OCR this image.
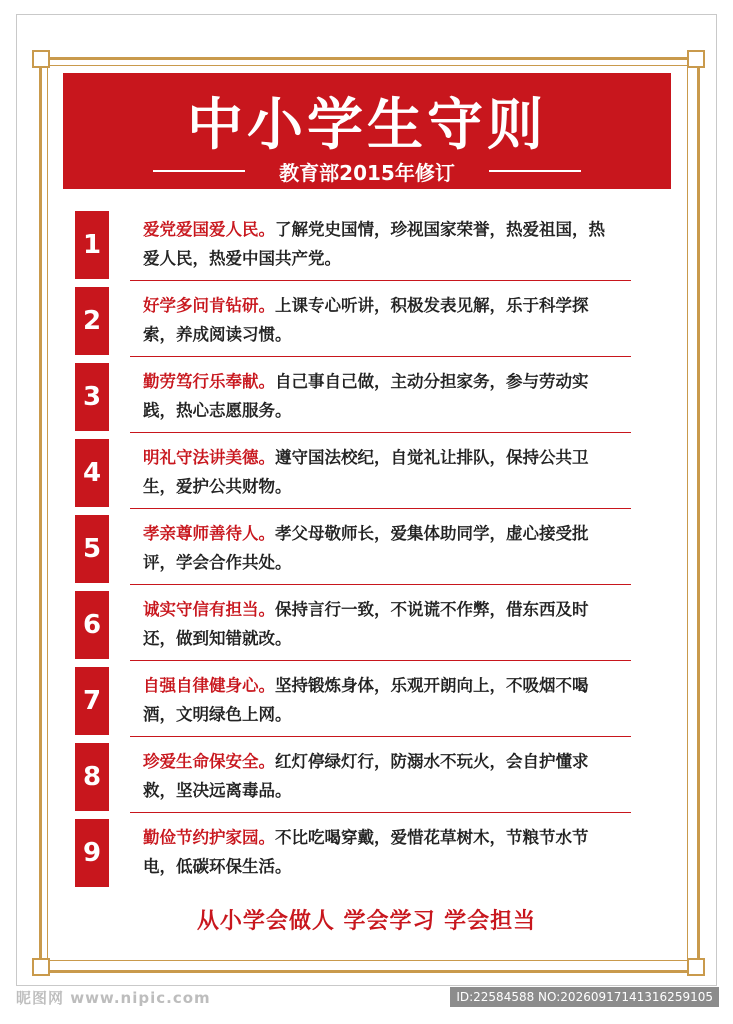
中小学生守则
教育部2015年修订
1
爱党爱国爱人民。了解党史国情，珍视国家荣誉，热爱祖国，热爱人民，热爱中国共产党。
2
好学多问肯钻研。上课专心听讲，积极发表见解，乐于科学探索，养成阅读习惯。
3
勤劳笃行乐奉献。自己事自己做，主动分担家务，参与劳动实践，热心志愿服务。
4
明礼守法讲美德。遵守国法校纪，自觉礼让排队，保持公共卫生，爱护公共财物。
5
孝亲尊师善待人。孝父母敬师长，爱集体助同学，虚心接受批评，学会合作共处。
6
诚实守信有担当。保持言行一致，不说谎不作弊，借东西及时还，做到知错就改。
7
自强自律健身心。坚持锻炼身体，乐观开朗向上，不吸烟不喝酒，文明绿色上网。
8
珍爱生命保安全。红灯停绿灯行，防溺水不玩火，会自护懂求救，坚决远离毒品。
9
勤俭节约护家园。不比吃喝穿戴，爱惜花草树木，节粮节水节电，低碳环保生活。
从小学会做人 学会学习 学会担当
昵图网 www.nipic.com	ID:22584588 NO:20260917141316259105
